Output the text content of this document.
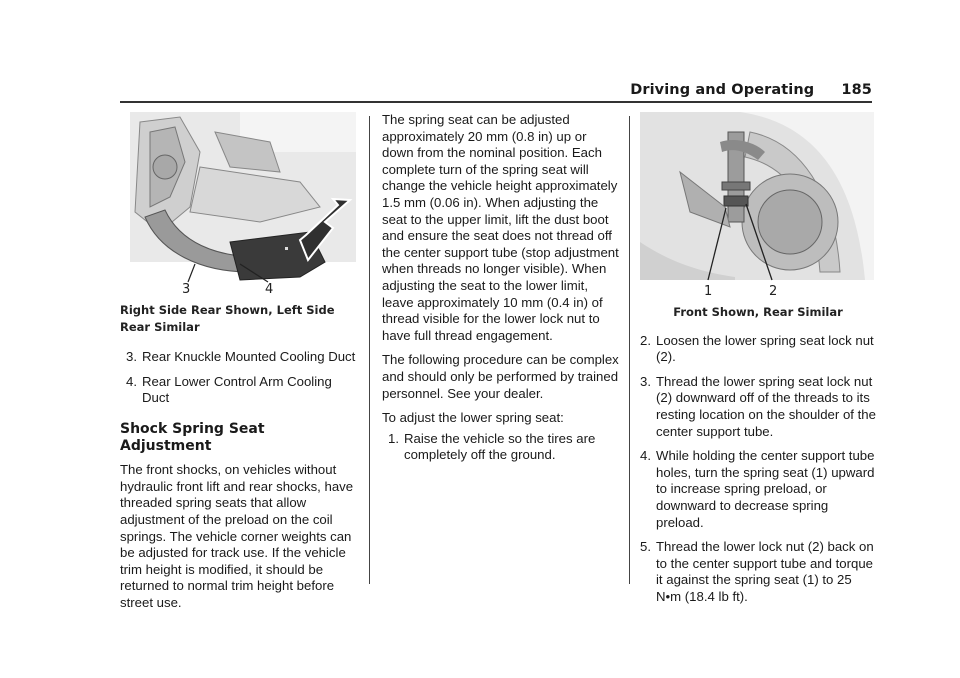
Driving and Operating 185
3	4
Right Side Rear Shown, Left Side Rear Similar
3. Rear Knuckle Mounted Cooling Duct
4. Rear Lower Control Arm Cooling Duct
Shock Spring Seat Adjustment

The front shocks, on vehicles without hydraulic front lift and rear shocks, have threaded spring seats that allow adjustment of the preload on the coil springs. The vehicle corner weights can be adjusted for track use. If the vehicle trim height is modified, it should be returned to normal trim height before street use.

The spring seat can be adjusted approximately 20 mm (0.8 in) up or down from the nominal position. Each complete turn of the spring seat will change the vehicle height approximately 1.5 mm (0.06 in). When adjusting the seat to the upper limit, lift the dust boot and ensure the seat does not thread off the center support tube (stop adjustment when threads no longer visible). When adjusting the seat to the lower limit, leave approximately 10 mm (0.4 in) of thread visible for the lower lock nut to have full thread engagement.

The following procedure can be complex and should only be performed by trained personnel. See your dealer.

To adjust the lower spring seat:

1. Raise the vehicle so the tires are completely off the ground.
1	2
Front Shown, Rear Similar
2. Loosen the lower spring seat lock nut (2).
3. Thread the lower spring seat lock nut (2) downward off of the threads to its resting location on the shoulder of the center support tube.
4. While holding the center support tube holes, turn the spring seat (1) upward to increase spring preload, or downward to decrease spring preload.
5. Thread the lower lock nut (2) back on to the center support tube and torque it against the spring seat (1) to 25 N•m (18.4 lb ft).
